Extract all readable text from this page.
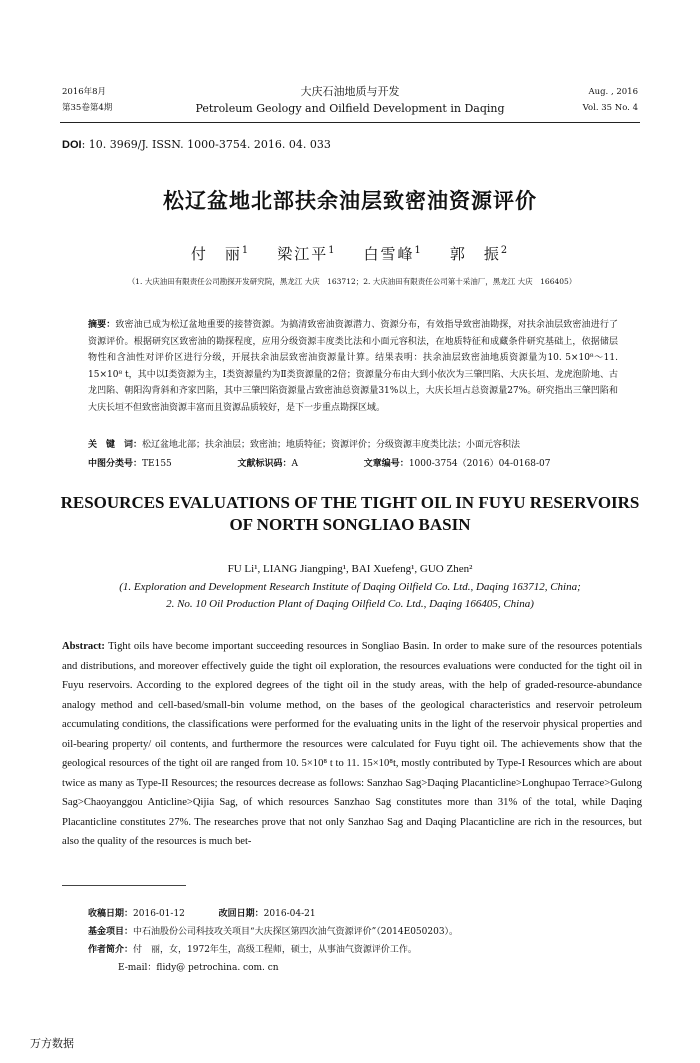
2016年8月
第35卷第4期
大庆石油地质与开发
Petroleum Geology and Oilfield Development in Daqing
Aug. , 2016
Vol. 35 No. 4
DOI: 10. 3969/J. ISSN. 1000-3754. 2016. 04. 033
松辽盆地北部扶余油层致密油资源评价
付　丽$^1$ 梁江平$^1$ 白雪峰$^1$ 郭　振$^2$
（1. 大庆油田有限责任公司勘探开发研究院，黑龙江 大庆　163712；2. 大庆油田有限责任公司第十采油厂，黑龙江 大庆　166405）
摘要：致密油已成为松辽盆地重要的接替资源。为搞清致密油资源潜力、资源分布，有效指导致密油勘探，对扶余油层致密油进行了资源评价。根据研究区致密油的勘探程度，应用分级资源丰度类比法和小面元容积法，在地质特征和成藏条件研究基础上，依据储层物性和含油性对评价区进行分级，开展扶余油层致密油资源量计算。结果表明：扶余油层致密油地质资源量为10. 5×10⁸～11. 15×10⁸ t，其中以Ⅰ类资源为主，Ⅰ类资源量约为Ⅱ类资源量的2倍；资源量分布由大到小依次为三肇凹陷、大庆长垣、龙虎泡阶地、古龙凹陷、朝阳沟背斜和齐家凹陷，其中三肇凹陷资源量占致密油总资源量31%以上，大庆长垣占总资源量27%。研究指出三肇凹陷和大庆长垣不但致密油资源丰富而且资源品质较好，是下一步重点勘探区域。
关　键　词：松辽盆地北部；扶余油层；致密油；地质特征；资源评价；分级资源丰度类比法；小面元容积法
中图分类号：TE155	文献标识码：A	文章编号：1000-3754（2016）04-0168-07
RESOURCES EVALUATIONS OF THE TIGHT OIL IN FUYU RESERVOIRS OF NORTH SONGLIAO BASIN
FU Li¹, LIANG Jiangping¹, BAI Xuefeng¹, GUO Zhen²
(1. Exploration and Development Research Institute of Daqing Oilfield Co. Ltd., Daqing 163712, China;
2. No. 10 Oil Production Plant of Daqing Oilfield Co. Ltd., Daqing 166405, China)
Abstract: Tight oils have become important succeeding resources in Songliao Basin. In order to make sure of the resources potentials and distributions, and moreover effectively guide the tight oil exploration, the resources evaluations were conducted for the tight oil in Fuyu reservoirs. According to the explored degrees of the tight oil in the study areas, with the help of graded-resource-abundance analogy method and cell-based/small-bin volume method, on the bases of the geological characteristics and reservoir petroleum accumulating conditions, the classifications were performed for the evaluating units in the light of the reservoir physical properties and oil-bearing property/ oil contents, and furthermore the resources were calculated for Fuyu tight oil. The achievements show that the geological resources of the tight oil are ranged from 10. 5×10⁸ t to 11. 15×10⁸t, mostly contributed by Type-I Resources which are about twice as many as Type-II Resources; the resources decrease as follows: Sanzhao Sag>Daqing Placanticline>Longhupao Terrace>Gulong Sag>Chaoyanggou Anticline>Qijia Sag, of which resources Sanzhao Sag constitutes more than 31% of the total, while Daqing Placanticline constitutes 27%. The researches prove that not only Sanzhao Sag and Daqing Placanticline are rich in the resources, but also the quality of the resources is much bet-
收稿日期：2016-01-12	改回日期：2016-04-21
基金项目：中石油股份公司科技攻关项目“大庆探区第四次油气资源评价”（2014E050203）。
作者简介：付　丽，女，1972年生，高级工程师，硕士，从事油气资源评价工作。
E-mail：flidy@ petrochina. com. cn
万方数据
